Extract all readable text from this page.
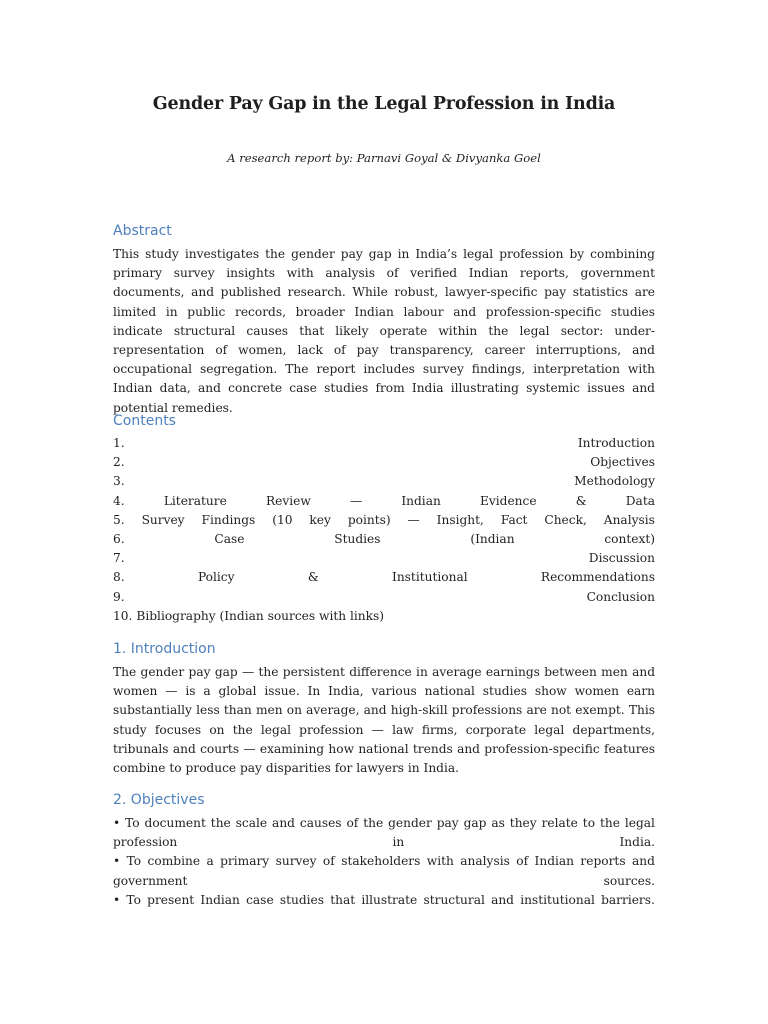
Gender Pay Gap in the Legal Profession in India
A research report by: Parnavi Goyal & Divyanka Goel
Abstract

This study investigates the gender pay gap in India’s legal profession by combining primary survey insights with analysis of verified Indian reports, government documents, and published research. While robust, lawyer-specific pay statistics are limited in public records, broader Indian labour and profession-specific studies indicate structural causes that likely operate within the legal sector: under-representation of women, lack of pay transparency, career interruptions, and occupational segregation. The report includes survey findings, interpretation with Indian data, and concrete case studies from India illustrating systemic issues and potential remedies.

Contents
1.	Introduction
2.	Objectives
3.	Methodology
4.	Literature	Review	—	Indian	Evidence	&	Data
5. Survey Findings (10 key points) — Insight, Fact Check, Analysis
6.	Case	Studies	(Indian	context)
7.	Discussion
8.	Policy	&	Institutional	Recommendations
9.	Conclusion
10. Bibliography (Indian sources with links)
1. Introduction

The gender pay gap — the persistent difference in average earnings between men and women — is a global issue. In India, various national studies show women earn substantially less than men on average, and high-skill professions are not exempt. This study focuses on the legal profession — law firms, corporate legal departments, tribunals and courts — examining how national trends and profession-specific features combine to produce pay disparities for lawyers in India.

2. Objectives
• To document the scale and causes of the gender pay gap as they relate to the legal
profession	in	India.
• To combine a primary survey of stakeholders with analysis of Indian reports and
government	sources.
• To present Indian case studies that illustrate structural and institutional barriers.
